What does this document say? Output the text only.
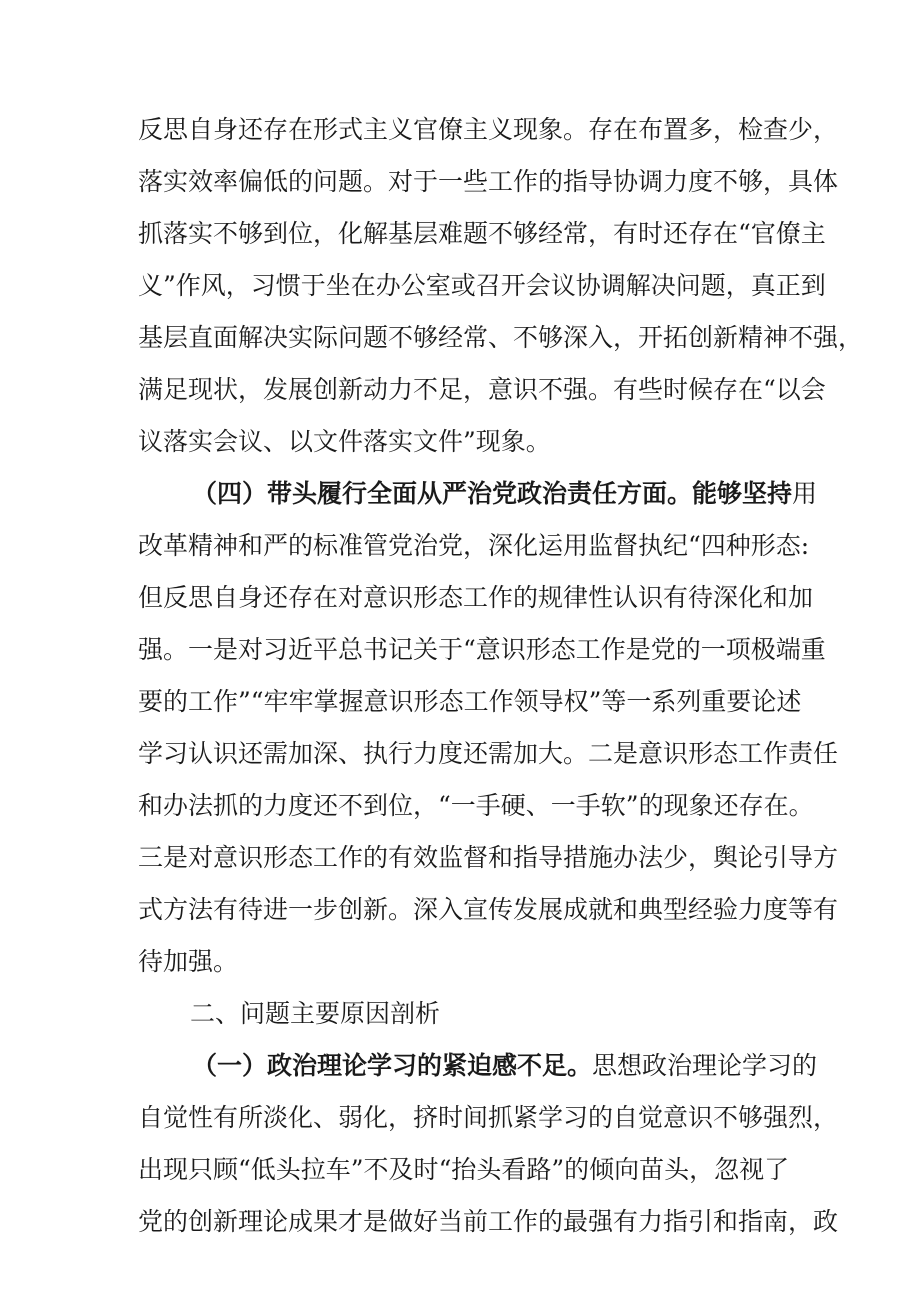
反思自身还存在形式主义官僚主义现象。存在布置多，检查少，
落实效率偏低的问题。对于一些工作的指导协调力度不够，具体
抓落实不够到位，化解基层难题不够经常，有时还存在“官僚主
义”作风，习惯于坐在办公室或召开会议协调解决问题，真正到
基层直面解决实际问题不够经常、不够深入，开拓创新精神不强，
满足现状，发展创新动力不足，意识不强。有些时候存在“以会
议落实会议、以文件落实文件”现象。
（四）带头履行全面从严治党政治责任方面。能够坚持用
改革精神和严的标准管党治党，深化运用监督执纪“四种形态:
但反思自身还存在对意识形态工作的规律性认识有待深化和加
强。一是对习近平总书记关于“意识形态工作是党的一项极端重
要的工作”“牢牢掌握意识形态工作领导权”等一系列重要论述
学习认识还需加深、执行力度还需加大。二是意识形态工作责任
和办法抓的力度还不到位，“一手硬、一手软”的现象还存在。
三是对意识形态工作的有效监督和指导措施办法少，舆论引导方
式方法有待进一步创新。深入宣传发展成就和典型经验力度等有
待加强。
二、问题主要原因剖析
（一）政治理论学习的紧迫感不足。思想政治理论学习的
自觉性有所淡化、弱化，挤时间抓紧学习的自觉意识不够强烈，
出现只顾“低头拉车”不及时“抬头看路”的倾向苗头，忽视了
党的创新理论成果才是做好当前工作的最强有力指引和指南，政
